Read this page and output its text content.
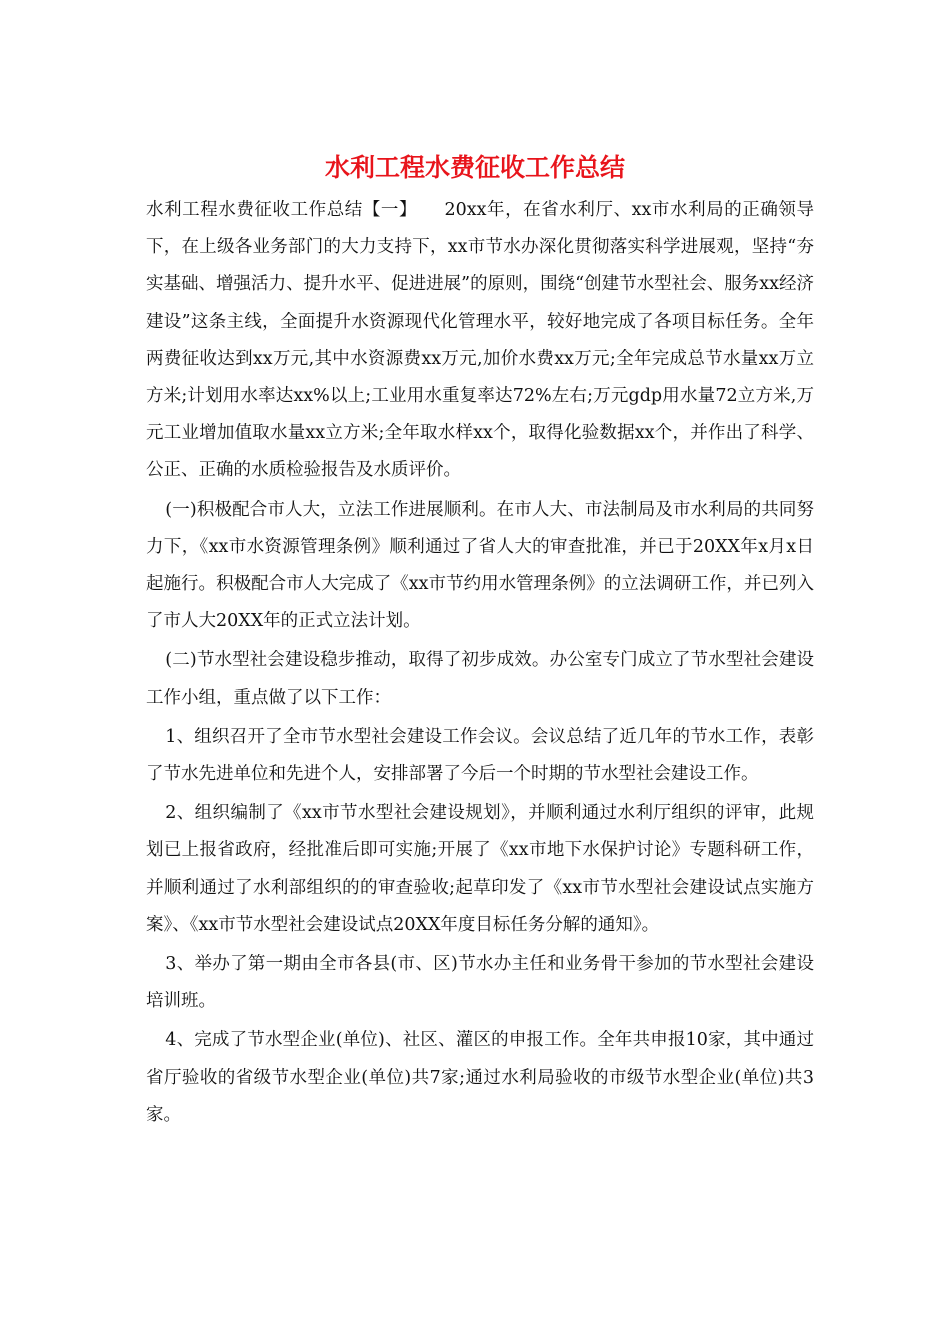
水利工程水费征收工作总结

水利工程水费征收工作总结【一】　　20xx年，在省水利厅、xx市水利局的正确领导下，在上级各业务部门的大力支持下，xx市节水办深化贯彻落实科学进展观，坚持“夯实基础、增强活力、提升水平、促进进展”的原则，围绕“创建节水型社会、服务xx经济建设”这条主线，全面提升水资源现代化管理水平，较好地完成了各项目标任务。全年两费征收达到xx万元,其中水资源费xx万元,加价水费xx万元;全年完成总节水量xx万立方米;计划用水率达xx%以上;工业用水重复率达72%左右;万元gdp用水量72立方米,万元工业增加值取水量xx立方米;全年取水样xx个，取得化验数据xx个，并作出了科学、公正、正确的水质检验报告及水质评价。

(一)积极配合市人大，立法工作进展顺利。在市人大、市法制局及市水利局的共同努力下，《xx市水资源管理条例》顺利通过了省人大的审查批准，并已于20XX年x月x日起施行。积极配合市人大完成了《xx市节约用水管理条例》的立法调研工作，并已列入了市人大20XX年的正式立法计划。

(二)节水型社会建设稳步推动，取得了初步成效。办公室专门成立了节水型社会建设工作小组，重点做了以下工作：

1、组织召开了全市节水型社会建设工作会议。会议总结了近几年的节水工作，表彰了节水先进单位和先进个人，安排部署了今后一个时期的节水型社会建设工作。

2、组织编制了《xx市节水型社会建设规划》，并顺利通过水利厅组织的评审，此规划已上报省政府，经批准后即可实施;开展了《xx市地下水保护讨论》专题科研工作，并顺利通过了水利部组织的的审查验收;起草印发了《xx市节水型社会建设试点实施方案》、《xx市节水型社会建设试点20XX年度目标任务分解的通知》。

3、举办了第一期由全市各县(市、区)节水办主任和业务骨干参加的节水型社会建设培训班。

4、完成了节水型企业(单位)、社区、灌区的申报工作。全年共申报10家，其中通过省厅验收的省级节水型企业(单位)共7家;通过水利局验收的市级节水型企业(单位)共3家。
